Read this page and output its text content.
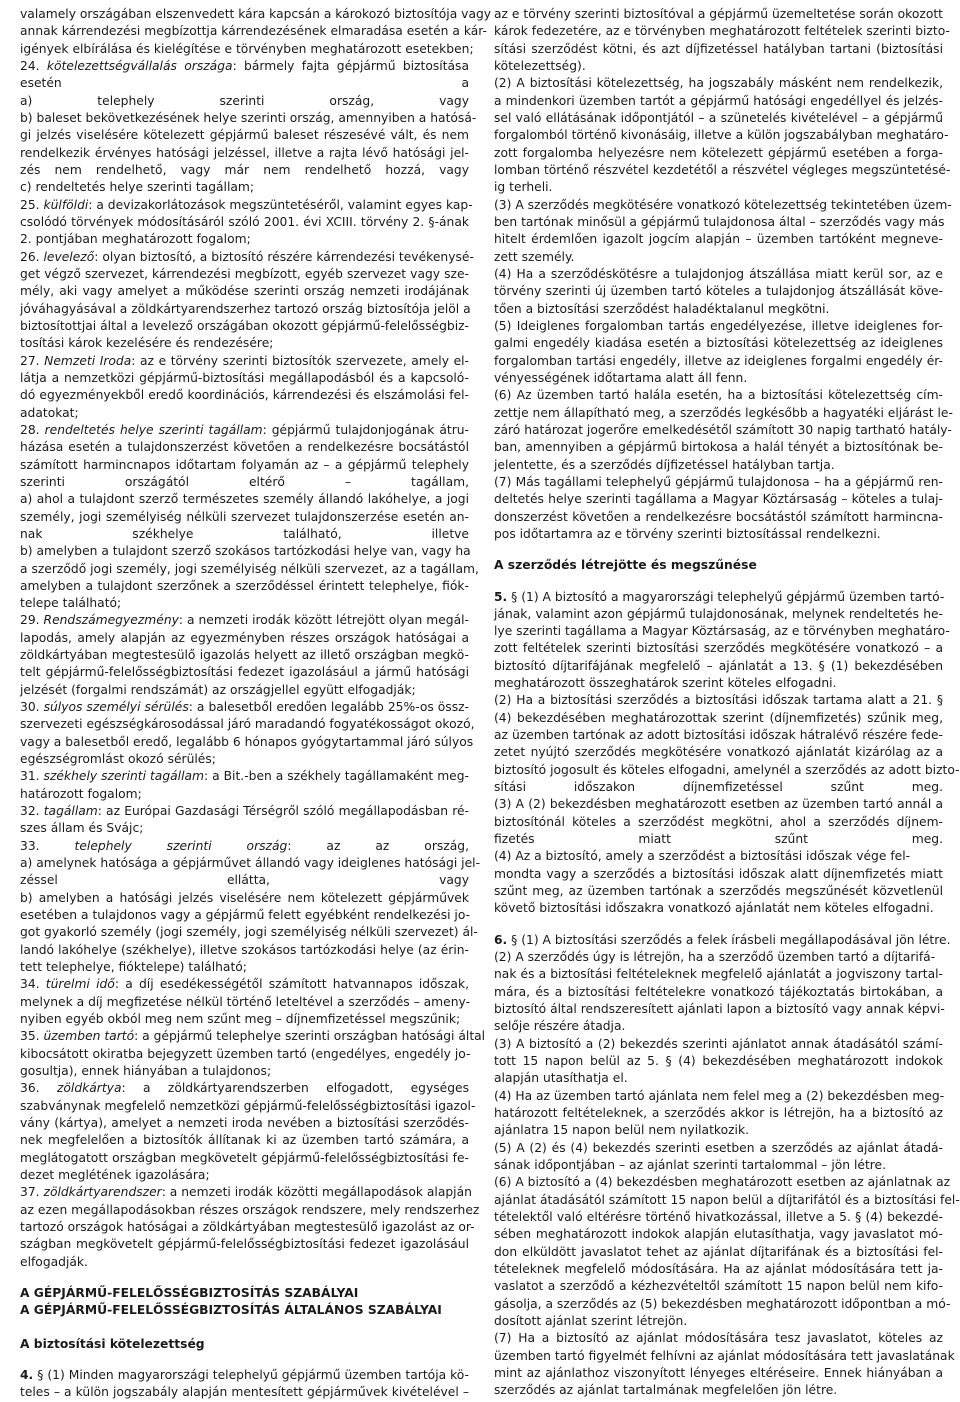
valamely országában elszenvedett kára kapcsán a károkozó biztosítója vagy
annak kárrendezési megbízottja kárrendezésének elmaradása esetén a kár-
igények elbírálása és kielégítése e törvényben meghatározott esetekben;
24. kötelezettségvállalás országa: bármely fajta gépjármű biztosítása
esetén a
a) telephely szerinti ország, vagy
b) baleset bekövetkezésének helye szerinti ország, amennyiben a hatósá-
gi jelzés viselésére kötelezett gépjármű baleset részesévé vált, és nem
rendelkezik érvényes hatósági jelzéssel, illetve a rajta lévő hatósági jel-
zés nem rendelhető, vagy már nem rendelhető hozzá, vagy
c) rendeltetés helye szerinti tagállam;
25. külföldi: a devizakorlátozások megszüntetéséről, valamint egyes kap-
csolódó törvények módosításáról szóló 2001. évi XCIII. törvény 2. §-ának
2. pontjában meghatározott fogalom;
26. levelező: olyan biztosító, a biztosító részére kárrendezési tevékenysé-
get végző szervezet, kárrendezési megbízott, egyéb szervezet vagy sze-
mély, aki vagy amelyet a működése szerinti ország nemzeti irodájának
jóváhagyásával a zöldkártyarendszerhez tartozó ország biztosítója jelöl a
biztosítottjai által a levelező országában okozott gépjármű-felelősségbiz-
tosítási károk kezelésére és rendezésére;
27. Nemzeti Iroda: az e törvény szerinti biztosítók szervezete, amely el-
látja a nemzetközi gépjármű-biztosítási megállapodásból és a kapcsoló-
dó egyezményekből eredő koordinációs, kárrendezési és elszámolási fel-
adatokat;
28. rendeltetés helye szerinti tagállam: gépjármű tulajdonjogának átru-
házása esetén a tulajdonszerzést követően a rendelkezésre bocsátástól
számított harmincnapos időtartam folyamán az – a gépjármű telephely
szerinti országától eltérő – tagállam,
a) ahol a tulajdont szerző természetes személy állandó lakóhelye, a jogi
személy, jogi személyiség nélküli szervezet tulajdonszerzése esetén an-
nak székhelye található, illetve
b) amelyben a tulajdont szerző szokásos tartózkodási helye van, vagy ha
a szerződő jogi személy, jogi személyiség nélküli szervezet, az a tagállam,
amelyben a tulajdont szerzőnek a szerződéssel érintett telephelye, fiók-
telepe található;
29. Rendszámegyezmény: a nemzeti irodák között létrejött olyan megál-
lapodás, amely alapján az egyezményben részes országok hatóságai a
zöldkártyában megtestesülő igazolás helyett az illető országban megkö-
telt gépjármű-felelősségbiztosítási fedezet igazolásául a jármű hatósági
jelzését (forgalmi rendszámát) az országjellel együtt elfogadják;
30. súlyos személyi sérülés: a balesetből eredően legalább 25%-os össz-
szervezeti egészségkárosodással járó maradandó fogyatékosságot okozó,
vagy a balesetből eredő, legalább 6 hónapos gyógytartammal járó súlyos
egészségromlást okozó sérülés;
31. székhely szerinti tagállam: a Bit.-ben a székhely tagállamaként meg-
határozott fogalom;
32. tagállam: az Európai Gazdasági Térségről szóló megállapodásban ré-
szes állam és Svájc;
33.	telephely szerinti ország: az az ország,
a) amelynek hatósága a gépjárművet állandó vagy ideiglenes hatósági jel-
zéssel ellátta, vagy
b) amelyben a hatósági jelzés viselésére nem kötelezett gépjárművek
esetében a tulajdonos vagy a gépjármű felett egyébként rendelkezési jo-
got gyakorló személy (jogi személy, jogi személyiség nélküli szervezet) ál-
landó lakóhelye (székhelye), illetve szokásos tartózkodási helye (az érin-
tett telephelye, fióktelepe) található;
34. türelmi idő: a díj esedékességétől számított hatvannapos időszak,
melynek a díj megfizetése nélkül történő leteltével a szerződés – ameny-
nyiben egyéb okból meg nem szűnt meg – díjnemfizetéssel megszűnik;
35. üzemben tartó: a gépjármű telephelye szerinti országban hatósági által
kibocsátott okiratba bejegyzett üzemben tartó (engedélyes, engedély jo-
gosultja), ennek hiányában a tulajdonos;
36. zöldkártya: a zöldkártyarendszerben elfogadott, egységes
szabványnak megfelelő nemzetközi gépjármű-felelősségbiztosítási igazol-
vány (kártya), amelyet a nemzeti iroda nevében a biztosítási szerződés-
nek megfelelően a biztosítók állítanak ki az üzemben tartó számára, a
meglátogatott országban megkövetelt gépjármű-felelősségbiztosítási fe-
dezet meglétének igazolására;
37. zöldkártyarendszer: a nemzeti irodák közötti megállapodások alapján
az ezen megállapodásokban részes országok rendszere, mely rendszerhez
tartozó országok hatóságai a zöldkártyában megtestesülő igazolást az or-
szágban megkövetelt gépjármű-felelősségbiztosítási fedezet igazolásául
elfogadják.
A GÉPJÁRMŰ-FELELŐSSÉGBIZTOSÍTÁS SZABÁLYAI
A GÉPJÁRMŰ-FELELŐSSÉGBIZTOSÍTÁS ÁLTALÁNOS SZABÁLYAI
A biztosítási kötelezettség
4. § (1) Minden magyarországi telephelyű gépjármű üzemben tartója kö-
teles – a külön jogszabály alapján mentesített gépjárművek kivételével –
az e törvény szerinti biztosítóval a gépjármű üzemeltetése során okozott
károk fedezetére, az e törvényben meghatározott feltételek szerinti bizto-
sítási szerződést kötni, és azt díjfizetéssel hatályban tartani (biztosítási
kötelezettség).
(2) A biztosítási kötelezettség, ha jogszabály másként nem rendelkezik,
a mindenkori üzemben tartót a gépjármű hatósági engedéllyel és jelzés-
sel való ellátásának időpontjától – a szünetelés kivételével – a gépjármű
forgalomból történő kivonásáig, illetve a külön jogszabályban meghatáro-
zott forgalomba helyezésre nem kötelezett gépjármű esetében a forga-
lomban történő részvétel kezdetétől a részvétel végleges megszüntetésé-
ig terheli.
(3) A szerződés megkötésére vonatkozó kötelezettség tekintetében üzem-
ben tartónak minősül a gépjármű tulajdonosa által – szerződés vagy más
hitelt érdemlően igazolt jogcím alapján – üzemben tartóként megneve-
zett személy.
(4) Ha a szerződéskötésre a tulajdonjog átszállása miatt kerül sor, az e
törvény szerinti új üzemben tartó köteles a tulajdonjog átszállását köve-
tően a biztosítási szerződést haladéktalanul megkötni.
(5) Ideiglenes forgalomban tartás engedélyezése, illetve ideiglenes for-
galmi engedély kiadása esetén a biztosítási kötelezettség az ideiglenes
forgalomban tartási engedély, illetve az ideiglenes forgalmi engedély ér-
vényességének időtartama alatt áll fenn.
(6) Az üzemben tartó halála esetén, ha a biztosítási kötelezettség cím-
zettje nem állapítható meg, a szerződés legkésőbb a hagyatéki eljárást le-
záró határozat jogerőre emelkedésétől számított 30 napig tartható hatály-
ban, amennyiben a gépjármű birtokosa a halál tényét a biztosítónak be-
jelentette, és a szerződés díjfizetéssel hatályban tartja.
(7) Más tagállami telephelyű gépjármű tulajdonosa – ha a gépjármű ren-
deltetés helye szerinti tagállama a Magyar Köztársaság – köteles a tulaj-
donszerzést követően a rendelkezésre bocsátástól számított harmincna-
pos időtartamra az e törvény szerinti biztosítással rendelkezni.
A szerződés létrejötte és megszűnése
5. § (1) A biztosító a magyarországi telephelyű gépjármű üzemben tartó-
jának, valamint azon gépjármű tulajdonosának, melynek rendeltetés he-
lye szerinti tagállama a Magyar Köztársaság, az e törvényben meghatáro-
zott feltételek szerinti biztosítási szerződés megkötésére vonatkozó – a
biztosító díjtarifájának megfelelő – ajánlatát a 13. § (1) bekezdésében
meghatározott összeghatárok szerint köteles elfogadni.
(2) Ha a biztosítási szerződés a biztosítási időszak tartama alatt a 21. §
(4) bekezdésében meghatározottak szerint (díjnemfizetés) szűnik meg,
az üzemben tartónak az adott biztosítási időszak hátralévő részére fede-
zetet nyújtó szerződés megkötésére vonatkozó ajánlatát kizárólag az a
biztosító jogosult és köteles elfogadni, amelynél a szerződés az adott bizto-
sítási időszakon díjnemfizetéssel szűnt meg.
(3) A (2) bekezdésben meghatározott esetben az üzemben tartó annál a
biztosítónál köteles a szerződést megkötni, ahol a szerződés díjnem-
fizetés miatt szűnt meg.
(4) Az a biztosító, amely a szerződést a biztosítási időszak vége fel-
mondta vagy a szerződés a biztosítási időszak alatt díjnemfizetés miatt
szűnt meg, az üzemben tartónak a szerződés megszűnését közvetlenül
követő biztosítási időszakra vonatkozó ajánlatát nem köteles elfogadni.
6. § (1) A biztosítási szerződés a felek írásbeli megállapodásával jön létre.
(2) A szerződés úgy is létrejön, ha a szerződő üzemben tartó a díjtarifá-
nak és a biztosítási feltételeknek megfelelő ajánlatát a jogviszony tartal-
mára, és a biztosítási feltételekre vonatkozó tájékoztatás birtokában, a
biztosító által rendszeresített ajánlati lapon a biztosító vagy annak képvi-
selője részére átadja.
(3) A biztosító a (2) bekezdés szerinti ajánlatot annak átadásától számí-
tott 15 napon belül az 5. § (4) bekezdésében meghatározott indokok
alapján utasíthatja el.
(4) Ha az üzemben tartó ajánlata nem felel meg a (2) bekezdésben meg-
határozott feltételeknek, a szerződés akkor is létrejön, ha a biztosító az
ajánlatra 15 napon belül nem nyilatkozik.
(5) A (2) és (4) bekezdés szerinti esetben a szerződés az ajánlat átadá-
sának időpontjában – az ajánlat szerinti tartalommal – jön létre.
(6) A biztosító a (4) bekezdésben meghatározott esetben az ajánlatnak az
ajánlat átadásától számított 15 napon belül a díjtarifától és a biztosítási fel-
tételektől való eltérésre történő hivatkozással, illetve a 5. § (4) bekezdé-
sében meghatározott indokok alapján elutasíthatja, vagy javaslatot mó-
don elküldött javaslatot tehet az ajánlat díjtarifának és a biztosítási fel-
tételeknek megfelelő módosítására. Ha az ajánlat módosítására tett ja-
vaslatot a szerződő a kézhezvételtől számított 15 napon belül nem kifo-
gásolja, a szerződés az (5) bekezdésben meghatározott időpontban a mó-
dosított ajánlat szerint létrejön.
(7) Ha a biztosító az ajánlat módosítására tesz javaslatot, köteles az
üzemben tartó figyelmét felhívni az ajánlat módosítására tett javaslatának
mint az ajánlathoz viszonyított lényeges eltéréseire. Ennek hiányában a
szerződés az ajánlat tartalmának megfelelően jön létre.
